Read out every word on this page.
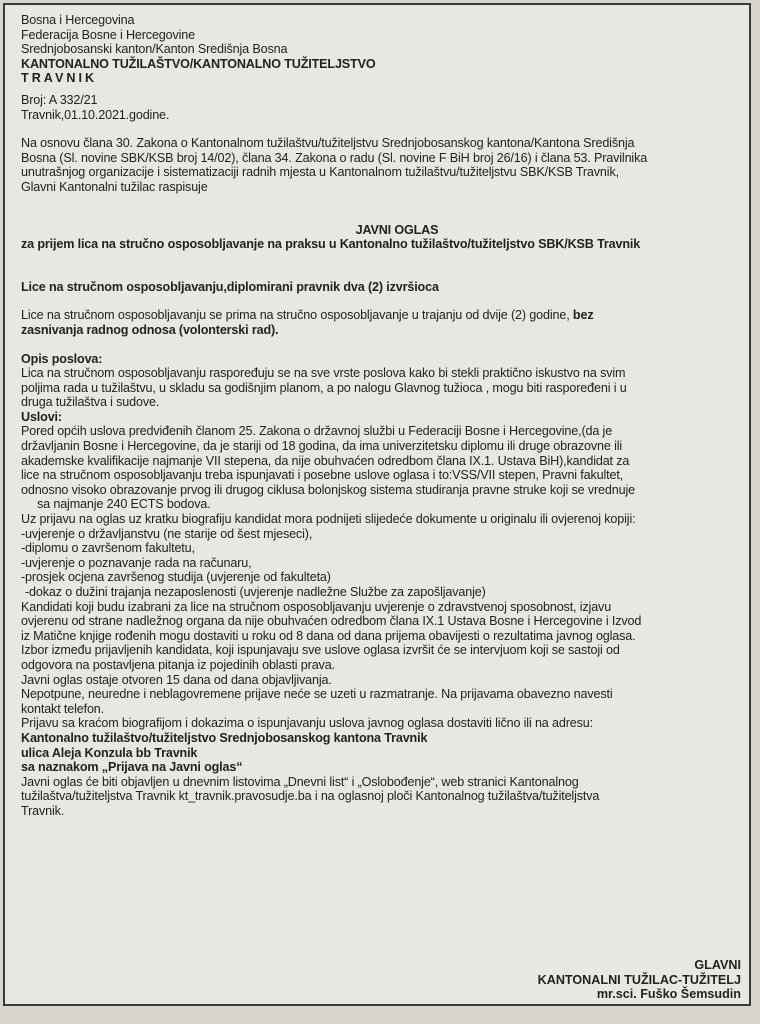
Bosna i Hercegovina
Federacija Bosne i Hercegovine
Srednjobosanski kanton/Kanton Središnja Bosna
KANTONALNO TUŽILAŠTVO/KANTONALNO TUŽITELJSTVO
TRAVNIK
Broj: A 332/21
Travnik,01.10.2021.godine.
Na osnovu člana 30. Zakona o Kantonalnom tužilaštvu/tužiteljstvu Srednjobosanskog kantona/Kantona Središnja
Bosna (Sl. novine SBK/KSB broj 14/02), člana 34. Zakona o radu (Sl. novine F BiH broj 26/16) i člana 53. Pravilnika
unutrašnjog organizacije i sistematizaciji radnih mjesta u Kantonalnom tužilaštvu/tužiteljstvu SBK/KSB Travnik,
Glavni Kantonalni tužilac raspisuje
JAVNI OGLAS
za prijem lica na stručno osposobljavanje na praksu u Kantonalno tužilaštvo/tužiteljstvo SBK/KSB Travnik
Lice na stručnom osposobljavanju,diplomirani pravnik dva (2) izvršioca
Lice na stručnom osposobljavanju se prima na stručno osposobljavanje u trajanju od dvije (2) godine, bez
zasnivanja radnog odnosa (volonterski rad).
Opis poslova:
Lica na stručnom osposobljavanju raspoređuju se na sve vrste poslova kako bi stekli praktično iskustvo na svim
poljima rada u tužilaštvu, u skladu sa godišnjim planom, a po nalogu Glavnog tužioca , mogu biti raspoređeni i u
druga tužilaštva i sudove.
Uslovi:
Pored općih uslova predviđenih članom 25. Zakona o državnoj službi u Federaciji Bosne i Hercegovine,(da je
državljanin Bosne i Hercegovine, da je stariji od 18 godina, da ima univerzitetsku diplomu ili druge obrazovne ili
akademske kvalifikacije najmanje VII stepena, da nije obuhvaćen odredbom člana IX.1. Ustava BiH),kandidat za
lice na stručnom osposobljavanju treba ispunjavati i posebne uslove oglasa i to:VSS/VII stepen, Pravni fakultet,
odnosno visoko obrazovanje prvog ili drugog ciklusa bolonjskog sistema studiranja pravne struke koji se vrednuje
sa najmanje 240 ECTS bodova.
Uz prijavu na oglas uz kratku biografiju kandidat mora podnijeti slijedeće dokumente u originalu ili ovjerenoj kopiji:
-uvjerenje o državljanstvu (ne starije od šest mjeseci),
-diplomu o završenom fakultetu,
-uvjerenje o poznavanje rada na računaru,
-prosjek ocjena završenog studija (uvjerenje od fakulteta)
-dokaz o dužini trajanja nezaposlenosti (uvjerenje nadležne Službe za zapošljavanje)
Kandidati koji budu izabrani za lice na stručnom osposobljavanju uvjerenje o zdravstvenoj sposobnost, izjavu
ovjerenu od strane nadležnog organa da nije obuhvaćen odredbom člana IX.1 Ustava Bosne i Hercegovine i Izvod
iz Matične knjige rođenih mogu dostaviti u roku od 8 dana od dana prijema obavijesti o rezultatima javnog oglasa.
Izbor između prijavljenih kandidata, koji ispunjavaju sve uslove oglasa izvršit će se intervjuom koji se sastoji od
odgovora na postavljena pitanja iz pojedinih oblasti prava.
Javni oglas ostaje otvoren 15 dana od dana objavljivanja.
Nepotpune, neuredne i neblagovremene prijave neće se uzeti u razmatranje. Na prijavama obavezno navesti
kontakt telefon.
Prijavu sa kraćom biografijom i dokazima o ispunjavanju uslova javnog oglasa dostaviti lično ili na adresu:
Kantonalno tužilaštvo/tužiteljstvo Srednjobosanskog kantona Travnik
ulica Aleja Konzula bb Travnik
sa naznakom „Prijava na Javni oglas“
Javni oglas će biti objavljen u dnevnim listovima „Dnevni list“ i „Oslobođenje“, web stranici Kantonalnog
tužilaštva/tužiteljstva Travnik kt_travnik.pravosudje.ba i na oglasnoj ploči Kantonalnog tužilaštva/tužiteljstva
Travnik.
GLAVNI
KANTONALNI TUŽILAC-TUŽITELJ
mr.sci. Fuško Šemsudin
